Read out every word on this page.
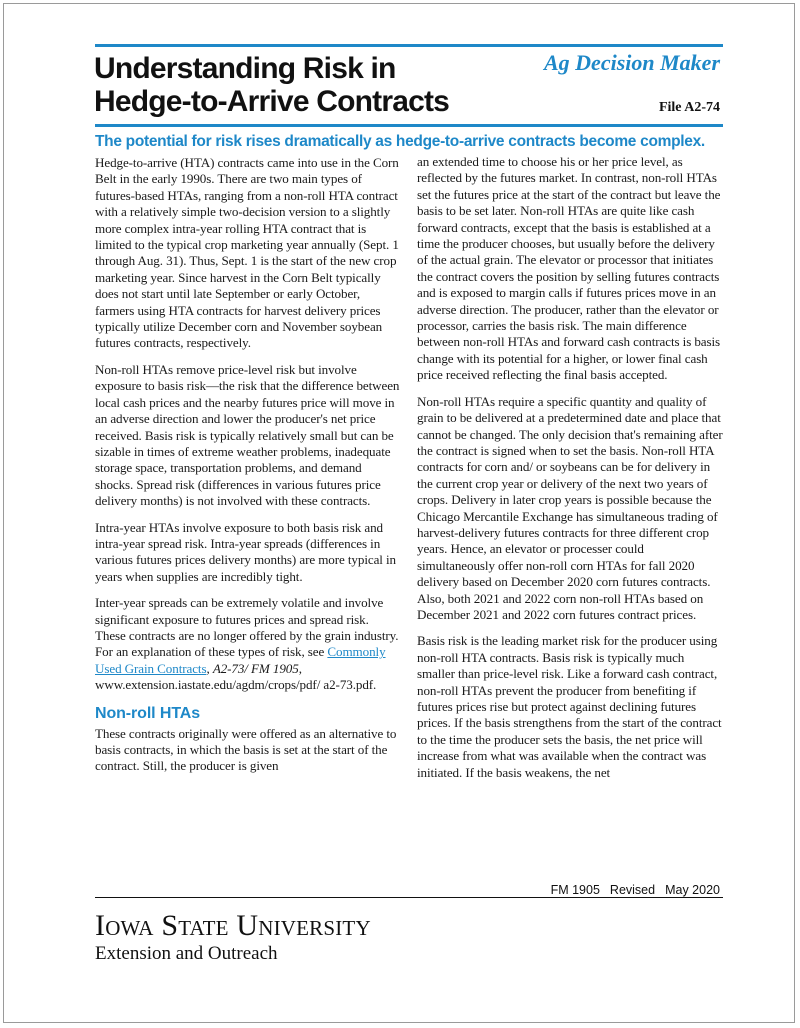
Understanding Risk in
Hedge-to-Arrive Contracts
Ag Decision Maker
File A2-74
The potential for risk rises dramatically as hedge-to-arrive contracts become complex.

Hedge-to-arrive (HTA) contracts came into use in the Corn Belt in the early 1990s. There are two main types of futures-based HTAs, ranging from a non-roll HTA contract with a relatively simple two-decision version to a slightly more complex intra-year rolling HTA contract that is limited to the typical crop marketing year annually (Sept. 1 through Aug. 31). Thus, Sept. 1 is the start of the new crop marketing year. Since harvest in the Corn Belt typically does not start until late September or early October, farmers using HTA contracts for harvest delivery prices typically utilize December corn and November soybean futures contracts, respectively.

Non-roll HTAs remove price-level risk but involve exposure to basis risk—the risk that the difference between local cash prices and the nearby futures price will move in an adverse direction and lower the producer's net price received. Basis risk is typically relatively small but can be sizable in times of extreme weather problems, inadequate storage space, transportation problems, and demand shocks. Spread risk (differences in various futures price delivery months) is not involved with these contracts.

Intra-year HTAs involve exposure to both basis risk and intra-year spread risk. Intra-year spreads (differences in various futures prices delivery months) are more typical in years when supplies are incredibly tight.

Inter-year spreads can be extremely volatile and involve significant exposure to futures prices and spread risk. These contracts are no longer offered by the grain industry. For an explanation of these types of risk, see Commonly Used Grain Contracts, A2-73/ FM 1905, www.extension.iastate.edu/agdm/crops/pdf/ a2-73.pdf.

Non-roll HTAs

These contracts originally were offered as an alternative to basis contracts, in which the basis is set at the start of the contract. Still, the producer is given

an extended time to choose his or her price level, as reflected by the futures market. In contrast, non-roll HTAs set the futures price at the start of the contract but leave the basis to be set later. Non-roll HTAs are quite like cash forward contracts, except that the basis is established at a time the producer chooses, but usually before the delivery of the actual grain. The elevator or processor that initiates the contract covers the position by selling futures contracts and is exposed to margin calls if futures prices move in an adverse direction. The producer, rather than the elevator or processor, carries the basis risk. The main difference between non-roll HTAs and forward cash contracts is basis change with its potential for a higher, or lower final cash price received reflecting the final basis accepted.

Non-roll HTAs require a specific quantity and quality of grain to be delivered at a predetermined date and place that cannot be changed. The only decision that's remaining after the contract is signed when to set the basis. Non-roll HTA contracts for corn and/ or soybeans can be for delivery in the current crop year or delivery of the next two years of crops. Delivery in later crop years is possible because the Chicago Mercantile Exchange has simultaneous trading of harvest-delivery futures contracts for three different crop years. Hence, an elevator or processer could simultaneously offer non-roll corn HTAs for fall 2020 delivery based on December 2020 corn futures contracts. Also, both 2021 and 2022 corn non-roll HTAs based on December 2021 and 2022 corn futures contract prices.

Basis risk is the leading market risk for the producer using non-roll HTA contracts. Basis risk is typically much smaller than price-level risk. Like a forward cash contract, non-roll HTAs prevent the producer from benefiting if futures prices rise but protect against declining futures prices. If the basis strengthens from the start of the contract to the time the producer sets the basis, the net price will increase from what was available when the contract was initiated. If the basis weakens, the net

FM 1905 Revised May 2020
Iowa State University
Extension and Outreach
